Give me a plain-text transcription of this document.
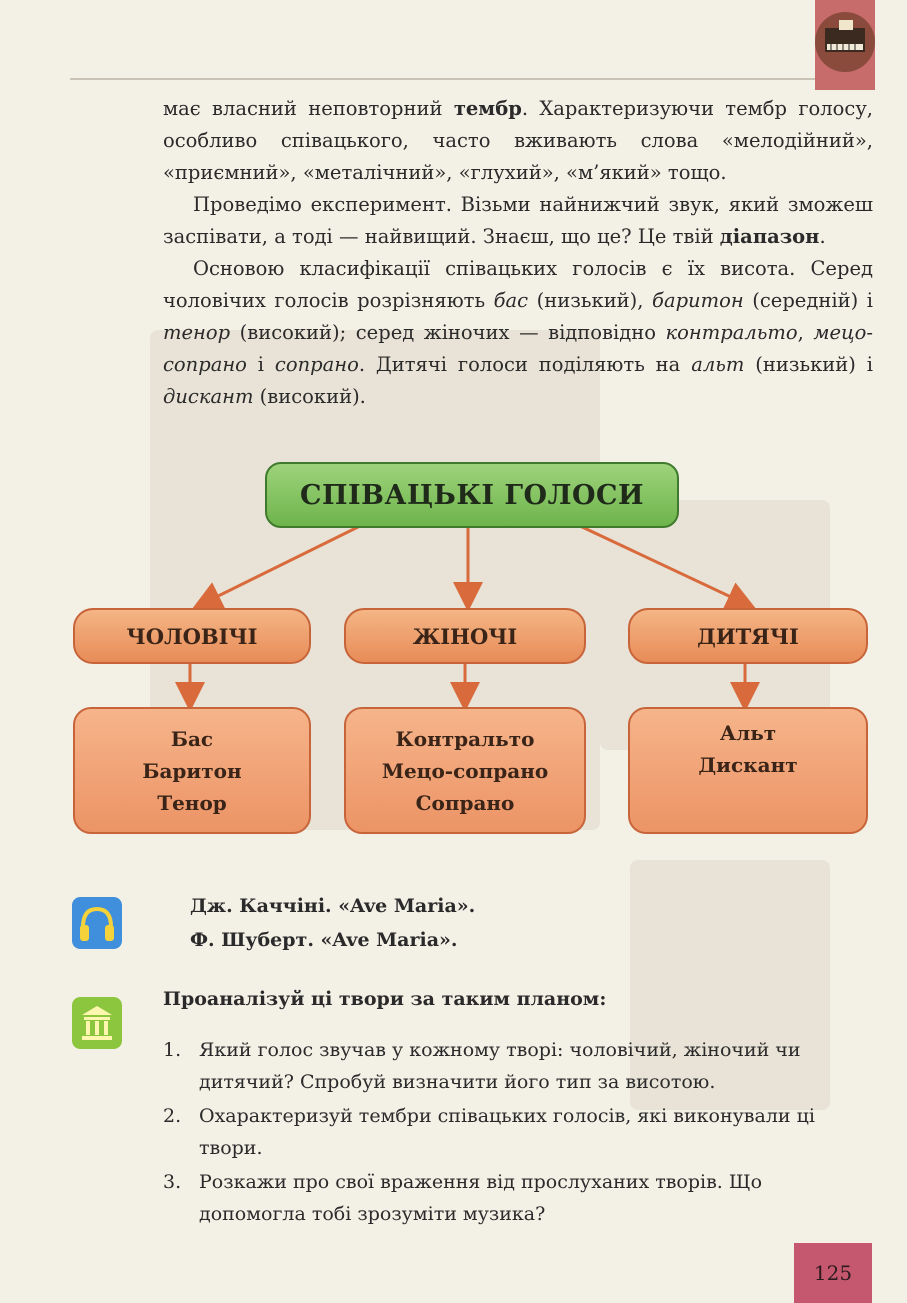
має власний неповторний тембр. Характеризуючи тембр голосу, особливо співацького, часто вживають слова «мелодійний», «приємний», «металічний», «глухий», «м’який» тощо.

Проведімо експеримент. Візьми найнижчий звук, який зможеш заспівати, а тоді — найвищий. Знаєш, що це? Це твій діапазон.

Основою класифікації співацьких голосів є їх висота. Серед чоловічих голосів розрізняють бас (низький), баритон (середній) і тенор (високий); серед жіночих — відповідно контральто, мецо-сопрано і сопрано. Дитячі голоси поділяють на альт (низький) і дискант (високий).

СПІВАЦЬКІ ГОЛОСИ
ЧОЛОВІЧІ	ЖІНОЧІ	ДИТЯЧІ
Бас
Баритон
Тенор
Контральто
Мецо-сопрано
Сопрано
Альт
Дискант
Дж. Каччіні. «Ave Maria».
Ф. Шуберт. «Ave Maria».
Проаналізуй ці твори за таким планом:
1. Який голос звучав у кожному творі: чоловічий, жіночий чи дитячий? Спробуй визначити його тип за висотою.
2. Охарактеризуй тембри співацьких голосів, які виконували ці твори.
3. Розкажи про свої враження від прослуханих творів. Що допомогла тобі зрозуміти музика?
125
